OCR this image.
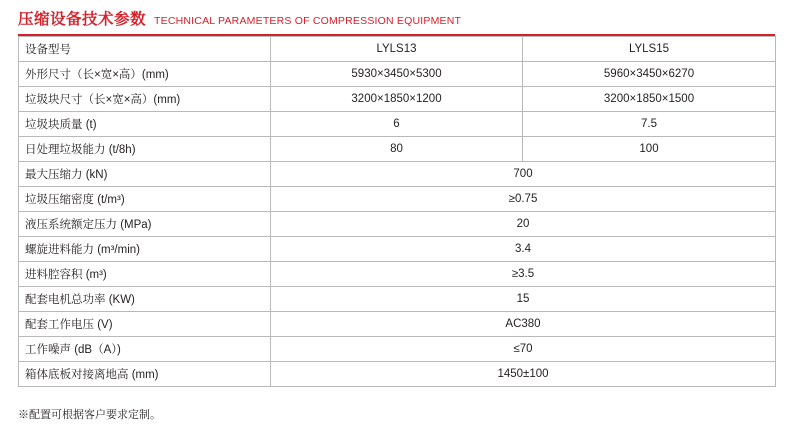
压缩设备技术参数 TECHNICAL PARAMETERS OF COMPRESSION EQUIPMENT
设备型号	LYLS13	LYLS15
外形尺寸（长×宽×高）(mm)	5930×3450×5300	5960×3450×6270
垃圾块尺寸（长×宽×高）(mm)	3200×1850×1200	3200×1850×1500
垃圾块质量 (t)	6	7.5
日处理垃圾能力 (t/8h)	80	100
最大压缩力 (kN)	700	
垃圾压缩密度 (t/m³)	≥0.75	
液压系统额定压力 (MPa)	20	
螺旋进料能力 (m³/min)	3.4	
进料腔容积 (m³)	≥3.5	
配套电机总功率 (KW)	15	
配套工作电压 (V)	AC380	
工作噪声 (dB（A）)	≤70	
箱体底板对接离地高 (mm)	1450±100	
※配置可根据客户要求定制。
